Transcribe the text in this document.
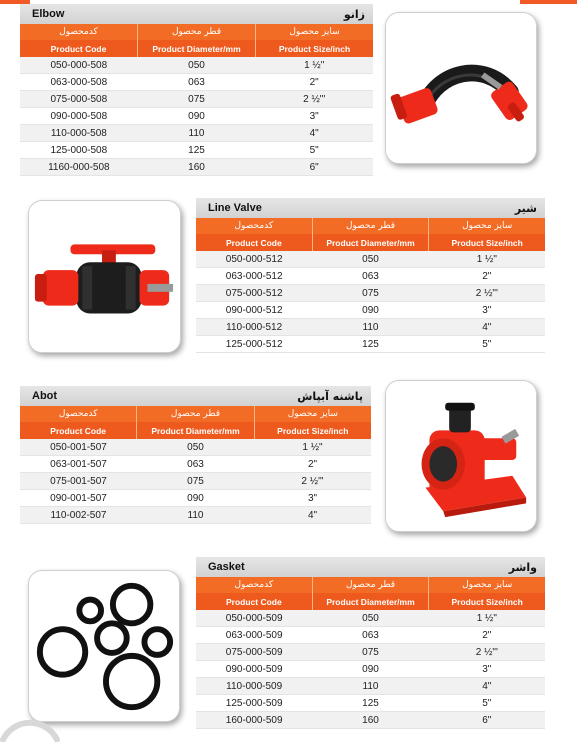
Elbow	زانو
کدمحصول	قطر محصول	سایز محصول
Product Code	Product Diameter/mm	Product Size/inch
050-000-508	050	1 ½"
063-000-508	063	2"
075-000-508	075	2 ½"'
090-000-508	090	3"
110-000-508	110	4"
125-000-508	125	5"
1160-000-508	160	6"
Line Valve	شیر
کدمحصول	قطر محصول	سایز محصول
Product Code	Product Diameter/mm	Product Size/inch
050-000-512	050	1 ½"
063-000-512	063	2"
075-000-512	075	2 ½"'
090-000-512	090	3"
110-000-512	110	4"
125-000-512	125	5"
Abot	پاشنه آبپاش
کدمحصول	قطر محصول	سایز محصول
Product Code	Product Diameter/mm	Product Size/inch
050-001-507	050	1 ½"
063-001-507	063	2"
075-001-507	075	2 ½"'
090-001-507	090	3"
110-002-507	110	4"
Gasket	واشر
کدمحصول	قطر محصول	سایز محصول
Product Code	Product Diameter/mm	Product Size/inch
050-000-509	050	1 ½"
063-000-509	063	2"
075-000-509	075	2 ½"'
090-000-509	090	3"
110-000-509	110	4"
125-000-509	125	5"
160-000-509	160	6"
